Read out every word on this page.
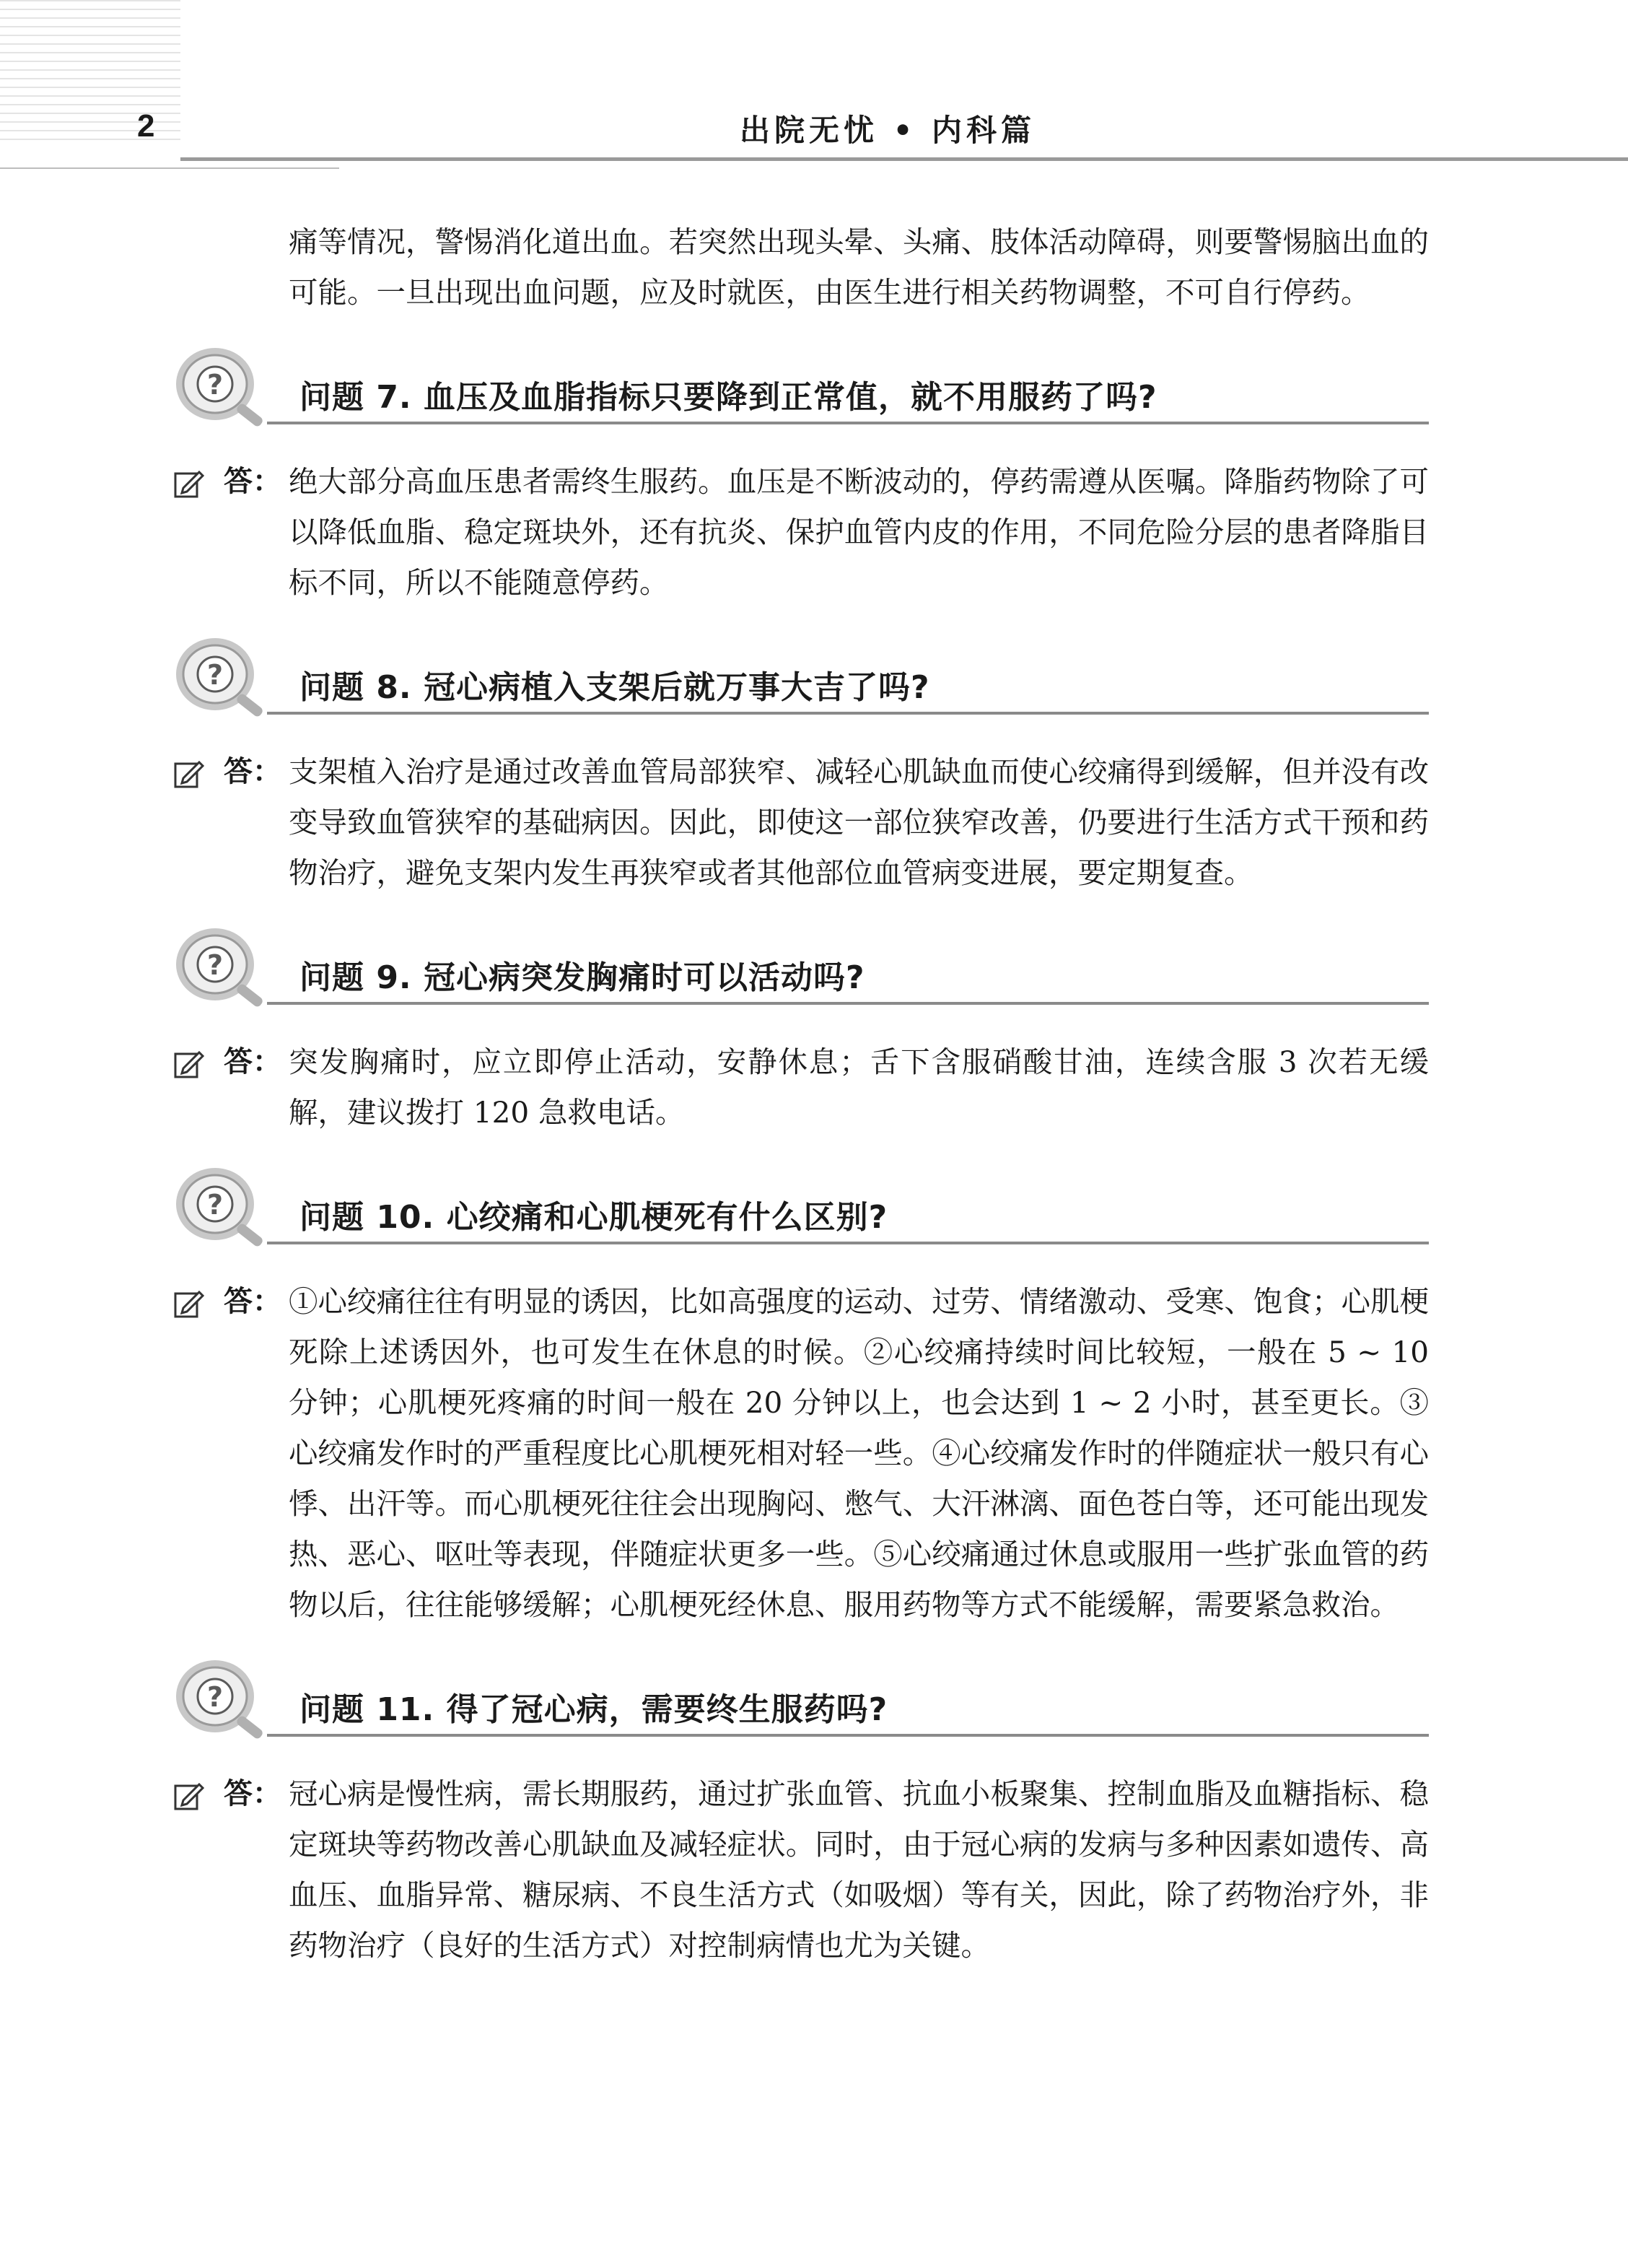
2	出院无忧 • 内科篇

痛等情况，警惕消化道出血。若突然出现头晕、头痛、肢体活动障碍，则要警惕脑出血的可能。一旦出现出血问题，应及时就医，由医生进行相关药物调整，不可自行停药。

? 问题 7. 血压及血脂指标只要降到正常值，就不用服药了吗?
答： 绝大部分高血压患者需终生服药。血压是不断波动的，停药需遵从医嘱。降脂药物除了可以降低血脂、稳定斑块外，还有抗炎、保护血管内皮的作用，不同危险分层的患者降脂目标不同，所以不能随意停药。

? 问题 8. 冠心病植入支架后就万事大吉了吗?
答： 支架植入治疗是通过改善血管局部狭窄、减轻心肌缺血而使心绞痛得到缓解，但并没有改变导致血管狭窄的基础病因。因此，即使这一部位狭窄改善，仍要进行生活方式干预和药物治疗，避免支架内发生再狭窄或者其他部位血管病变进展，要定期复查。

? 问题 9. 冠心病突发胸痛时可以活动吗?
答： 突发胸痛时，应立即停止活动，安静休息；舌下含服硝酸甘油，连续含服 3 次若无缓解，建议拨打 120 急救电话。

? 问题 10. 心绞痛和心肌梗死有什么区别?
答： ①心绞痛往往有明显的诱因，比如高强度的运动、过劳、情绪激动、受寒、饱食；心肌梗死除上述诱因外，也可发生在休息的时候。②心绞痛持续时间比较短，一般在 5 ~ 10 分钟；心肌梗死疼痛的时间一般在 20 分钟以上，也会达到 1 ~ 2 小时，甚至更长。③心绞痛发作时的严重程度比心肌梗死相对轻一些。④心绞痛发作时的伴随症状一般只有心悸、出汗等。而心肌梗死往往会出现胸闷、憋气、大汗淋漓、面色苍白等，还可能出现发热、恶心、呕吐等表现，伴随症状更多一些。⑤心绞痛通过休息或服用一些扩张血管的药物以后，往往能够缓解；心肌梗死经休息、服用药物等方式不能缓解，需要紧急救治。

? 问题 11. 得了冠心病，需要终生服药吗?
答： 冠心病是慢性病，需长期服药，通过扩张血管、抗血小板聚集、控制血脂及血糖指标、稳定斑块等药物改善心肌缺血及减轻症状。同时，由于冠心病的发病与多种因素如遗传、高血压、血脂异常、糖尿病、不良生活方式（如吸烟）等有关，因此，除了药物治疗外，非药物治疗（良好的生活方式）对控制病情也尤为关键。
